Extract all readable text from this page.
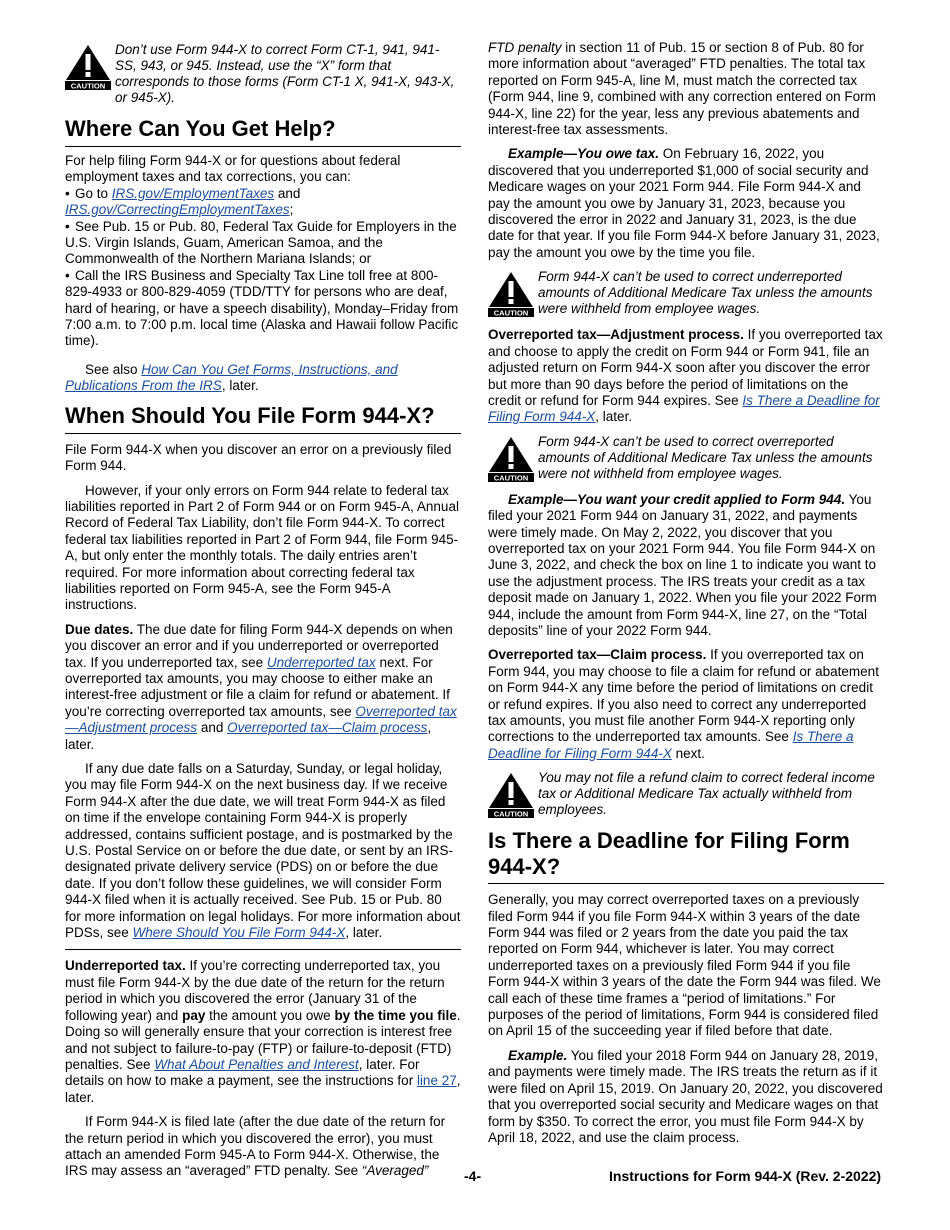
CAUTION
Don’t use Form 944-X to correct Form CT-1, 941, 941-SS, 943, or 945. Instead, use the “X” form that corresponds to those forms (Form CT-1 X, 941-X, 943-X, or 945-X).
Where Can You Get Help?

For help filing Form 944-X or for questions about federal employment taxes and tax corrections, you can:
• Go to IRS.gov/EmploymentTaxes and IRS.gov/CorrectingEmploymentTaxes;
• See Pub. 15 or Pub. 80, Federal Tax Guide for Employers in the U.S. Virgin Islands, Guam, American Samoa, and the Commonwealth of the Northern Mariana Islands; or
• Call the IRS Business and Specialty Tax Line toll free at 800-829-4933 or 800-829-4059 (TDD/TTY for persons who are deaf, hard of hearing, or have a speech disability), Monday–Friday from 7:00 a.m. to 7:00 p.m. local time (Alaska and Hawaii follow Pacific time).

See also How Can You Get Forms, Instructions, and Publications From the IRS, later.

When Should You File Form 944-X?

File Form 944-X when you discover an error on a previously filed Form 944.

However, if your only errors on Form 944 relate to federal tax liabilities reported in Part 2 of Form 944 or on Form 945-A, Annual Record of Federal Tax Liability, don’t file Form 944-X. To correct federal tax liabilities reported in Part 2 of Form 944, file Form 945-A, but only enter the monthly totals. The daily entries aren’t required. For more information about correcting federal tax liabilities reported on Form 945-A, see the Form 945-A instructions.

Due dates. The due date for filing Form 944-X depends on when you discover an error and if you underreported or overreported tax. If you underreported tax, see Underreported tax next. For overreported tax amounts, you may choose to either make an interest-free adjustment or file a claim for refund or abatement. If you’re correcting overreported tax amounts, see Overreported tax—Adjustment process and Overreported tax—Claim process, later.

If any due date falls on a Saturday, Sunday, or legal holiday, you may file Form 944-X on the next business day. If we receive Form 944-X after the due date, we will treat Form 944-X as filed on time if the envelope containing Form 944-X is properly addressed, contains sufficient postage, and is postmarked by the U.S. Postal Service on or before the due date, or sent by an IRS-designated private delivery service (PDS) on or before the due date. If you don’t follow these guidelines, we will consider Form 944-X filed when it is actually received. See Pub. 15 or Pub. 80 for more information on legal holidays. For more information about PDSs, see Where Should You File Form 944-X, later.

Underreported tax. If you’re correcting underreported tax, you must file Form 944-X by the due date of the return for the return period in which you discovered the error (January 31 of the following year) and pay the amount you owe by the time you file. Doing so will generally ensure that your correction is interest free and not subject to failure-to-pay (FTP) or failure-to-deposit (FTD) penalties. See What About Penalties and Interest, later. For details on how to make a payment, see the instructions for line 27, later.

If Form 944-X is filed late (after the due date of the return for the return period in which you discovered the error), you must attach an amended Form 945-A to Form 944-X. Otherwise, the IRS may assess an “averaged” FTD penalty. See “Averaged”

FTD penalty in section 11 of Pub. 15 or section 8 of Pub. 80 for more information about “averaged” FTD penalties. The total tax reported on Form 945-A, line M, must match the corrected tax (Form 944, line 9, combined with any correction entered on Form 944-X, line 22) for the year, less any previous abatements and interest-free tax assessments.

Example—You owe tax. On February 16, 2022, you discovered that you underreported $1,000 of social security and Medicare wages on your 2021 Form 944. File Form 944-X and pay the amount you owe by January 31, 2023, because you discovered the error in 2022 and January 31, 2023, is the due date for that year. If you file Form 944-X before January 31, 2023, pay the amount you owe by the time you file.

CAUTION
Form 944-X can’t be used to correct underreported amounts of Additional Medicare Tax unless the amounts were withheld from employee wages.

Overreported tax—Adjustment process. If you overreported tax and choose to apply the credit on Form 944 or Form 941, file an adjusted return on Form 944-X soon after you discover the error but more than 90 days before the period of limitations on the credit or refund for Form 944 expires. See Is There a Deadline for Filing Form 944-X, later.

CAUTION
Form 944-X can’t be used to correct overreported amounts of Additional Medicare Tax unless the amounts were not withheld from employee wages.

Example—You want your credit applied to Form 944. You filed your 2021 Form 944 on January 31, 2022, and payments were timely made. On May 2, 2022, you discover that you overreported tax on your 2021 Form 944. You file Form 944-X on June 3, 2022, and check the box on line 1 to indicate you want to use the adjustment process. The IRS treats your credit as a tax deposit made on January 1, 2022. When you file your 2022 Form 944, include the amount from Form 944-X, line 27, on the “Total deposits” line of your 2022 Form 944.

Overreported tax—Claim process. If you overreported tax on Form 944, you may choose to file a claim for refund or abatement on Form 944-X any time before the period of limitations on credit or refund expires. If you also need to correct any underreported tax amounts, you must file another Form 944-X reporting only corrections to the underreported tax amounts. See Is There a Deadline for Filing Form 944-X next.

CAUTION
You may not file a refund claim to correct federal income tax or Additional Medicare Tax actually withheld from employees.
Is There a Deadline for Filing Form 944-X?

Generally, you may correct overreported taxes on a previously filed Form 944 if you file Form 944-X within 3 years of the date Form 944 was filed or 2 years from the date you paid the tax reported on Form 944, whichever is later. You may correct underreported taxes on a previously filed Form 944 if you file Form 944-X within 3 years of the date the Form 944 was filed. We call each of these time frames a “period of limitations.” For purposes of the period of limitations, Form 944 is considered filed on April 15 of the succeeding year if filed before that date.

Example. You filed your 2018 Form 944 on January 28, 2019, and payments were timely made. The IRS treats the return as if it were filed on April 15, 2019. On January 20, 2022, you discovered that you overreported social security and Medicare wages on that form by $350. To correct the error, you must file Form 944-X by April 18, 2022, and use the claim process.

-4-	Instructions for Form 944-X (Rev. 2-2022)
